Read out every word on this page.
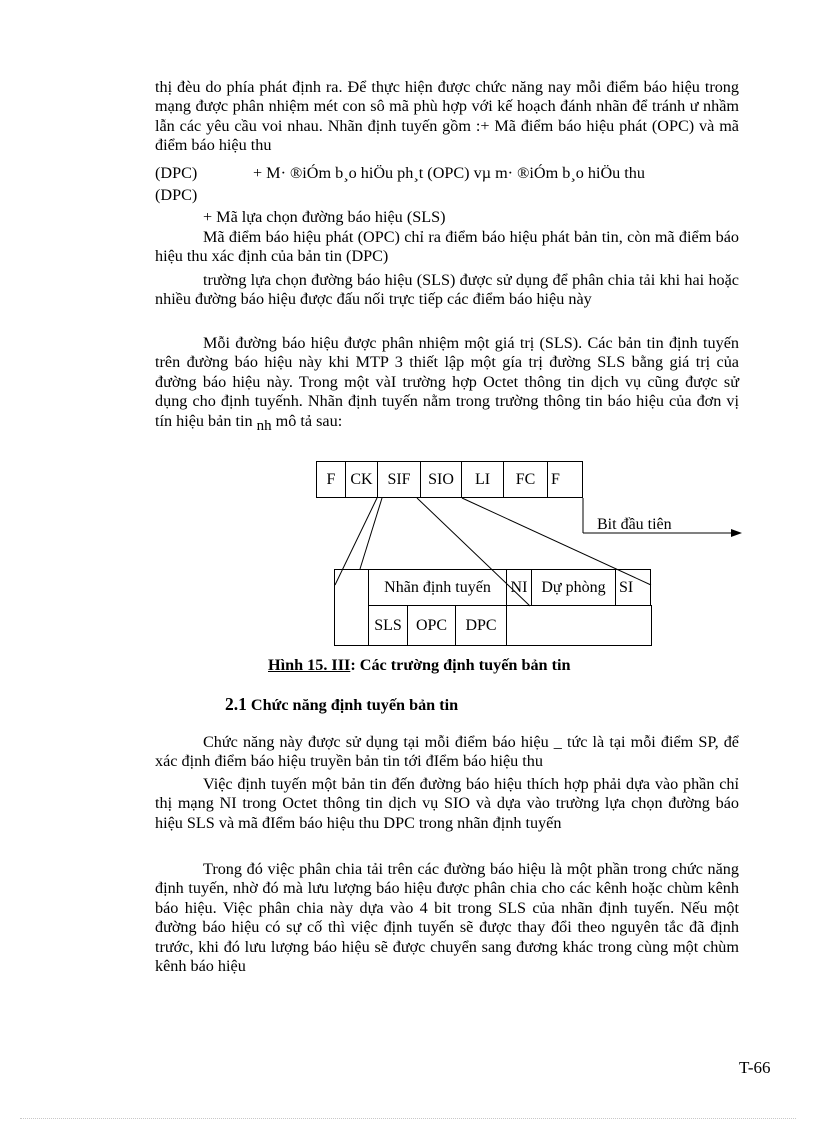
thị đèu do phía phát định ra. Để thực hiện được chức năng nay mỗi điểm báo hiệu trong mạng được phân nhiệm mét con sô mã phù hợp với kế hoạch đánh nhãn để tránh ư nhầm lẫn các yêu cầu voi nhau. Nhãn định tuyến gồm :+ Mã điểm báo hiệu phát (OPC) và mã điểm báo hiệu thu

(DPC)	+ M· ®iÓm b¸o hiÖu ph¸t (OPC) vµ m· ®iÓm b¸o hiÖu thu

(DPC)

+ Mã lựa chọn đường báo hiệu (SLS)

Mã điểm báo hiệu phát (OPC) chỉ ra điểm báo hiệu phát bản tin, còn mã điểm báo hiệu thu xác định của bản tin (DPC)

trường lựa chọn đường báo hiệu (SLS) được sử dụng để phân chia tải khi hai hoặc nhiều đường báo hiệu được đấu nối trực tiếp các điểm báo hiệu này

Mỗi đường báo hiệu được phân nhiệm một giá trị (SLS). Các bản tin định tuyến trên đường báo hiệu này khi MTP 3 thiết lập một gía trị đường SLS bằng giá trị của đường báo hiệu này. Trong một vàI trường hợp Octet thông tin dịch vụ cũng được sử dụng cho định tuyếnh. Nhãn định tuyến nằm trong trường thông tin báo hiệu của đơn vị tín hiệu bản tin nh mô tả sau:

F CK SIF	SIO	LI	FC F
Bit đầu tiên
Nhãn định tuyến	NI Dự phòng SI
SLS OPC	DPC
Hình 15. III: Các trường định tuyến bản tin
2.1 Chức năng định tuyến bản tin

Chức năng này được sử dụng tại mỗi điểm báo hiệu _ tức là tại mỗi điểm SP, để xác định điểm báo hiệu truyền bản tin tới đIểm báo hiệu thu

Việc định tuyến một bản tin đến đường báo hiệu thích hợp phải dựa vào phần chỉ thị mạng NI trong Octet thông tin dịch vụ SIO và dựa vào trường lựa chọn đường báo hiệu SLS và mã đIểm báo hiệu thu DPC trong nhãn định tuyến

Trong đó việc phân chia tải trên các đường báo hiệu là một phần trong chức năng định tuyến, nhờ đó mà lưu lượng báo hiệu được phân chia cho các kênh hoặc chùm kênh báo hiệu. Việc phân chia này dựa vào 4 bit trong SLS của nhãn định tuyến. Nếu một đường báo hiệu có sự cố thì việc định tuyến sẽ được thay đổi theo nguyên tắc đã định trước, khi đó lưu lượng báo hiệu sẽ được chuyển sang đương khác trong cùng một chùm kênh báo hiệu

T-66
